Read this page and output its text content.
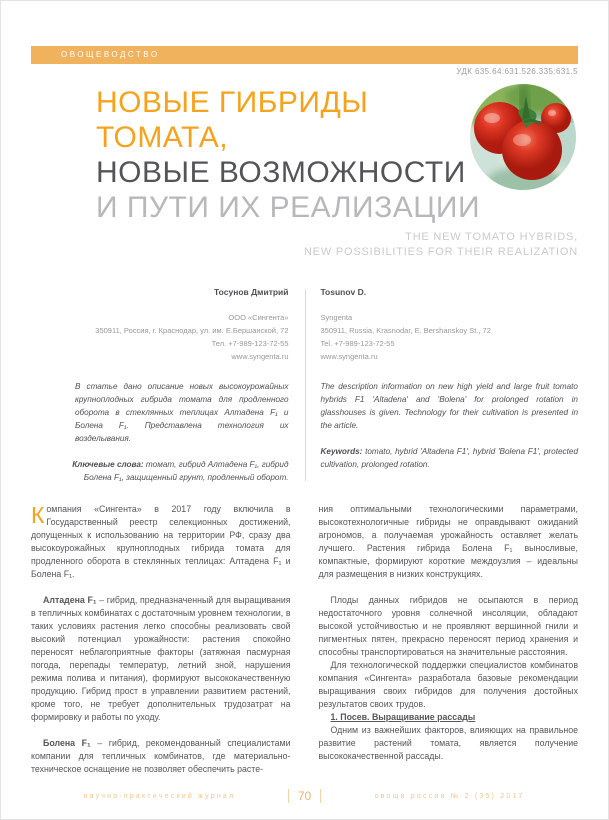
ОВОЩЕВОДСТВО
УДК 635.64:631.526.335:631.5
НОВЫЕ ГИБРИДЫ
ТОМАТА,
НОВЫЕ ВОЗМОЖНОСТИ
И ПУТИ ИХ РЕАЛИЗАЦИИ
THE NEW TOMATO HYBRIDS,
NEW POSSIBILITIES FOR THEIR REALIZATION
Тосунов Дмитрий
ООО «Сингента»
350911, Россия, г. Краснодар, ул. им. Е.Бершанской, 72
Тел. +7-989-123-72-55
www.syngenta.ru
Tosunov D.
Syngenta
350911, Russia, Krasnodar, E. Bershanskoy St., 72
Tel. +7-989-123-72-55
www.syngenta.ru
В статье дано описание новых высокоурожайных крупноплодных гибрида томата для продленного оборота в стеклянных теплицах Алтадена F₁ и Болена F₁. Представлена технология их возделывания.
Ключевые слова: томат, гибрид Алтадена F₁, гибрид Болена F₁, защищенный грунт, продленный оборот.
The description information on new high yield and large fruit tomato hybrids F1 'Altadena' and 'Bolena' for prolonged rotation in glasshouses is given. Technology for their cultivation is presented in the article.
Keywords: tomato, hybrid 'Altadena F1', hybrid 'Bolena F1', protected cultivation, prolonged rotation.

Компания «Сингента» в 2017 году включила в Государственный реестр селекционных достижений, допущенных к использованию на территории РФ, сразу два высокоурожайных крупноплодных гибрида томата для продленного оборота в стеклянных теплицах: Алтадена F₁ и Болена F₁.

Алтадена F₁ – гибрид, предназначенный для выращивания в тепличных комбинатах с достаточным уровнем технологии, в таких условиях растения легко способны реализовать свой высокий потенциал урожайности: растения спокойно переносят неблагоприятные факторы (затяжная пасмурная погода, перепады температур, летний зной, нарушения режима полива и питания), формируют высококачественную продукцию. Гибрид прост в управлении развитием растений, кроме того, не требует дополнительных трудозатрат на формировку и работы по уходу.

Болена F₁ – гибрид, рекомендованный специалистами компании для тепличных комбинатов, где материально-техническое оснащение не позволяет обеспечить расте-

ния оптимальными технологическими параметрами, высокотехнологичные гибриды не оправдывают ожиданий агрономов, а получаемая урожайность оставляет желать лучшего. Растения гибрида Болена F₁ выносливые, компактные, формируют короткие междоузлия – идеальны для размещения в низких конструкциях.

Плоды данных гибридов не осыпаются в период недостаточного уровня солнечной инсоляции, обладают высокой устойчивостью и не проявляют вершинной гнили и пигментных пятен, прекрасно переносят период хранения и способны транспортироваться на значительные расстояния.

Для технологической поддержки специалистов комбинатов компания «Сингента» разработала базовые рекомендации выращивания своих гибридов для получения достойных результатов своих трудов.

1. Посев. Выращивание рассады

Одним из важнейших факторов, влияющих на правильное развитие растений томата, является получение высококачественной рассады.

научно-практический журнал	70	овощи россии № 2 (35) 2017
